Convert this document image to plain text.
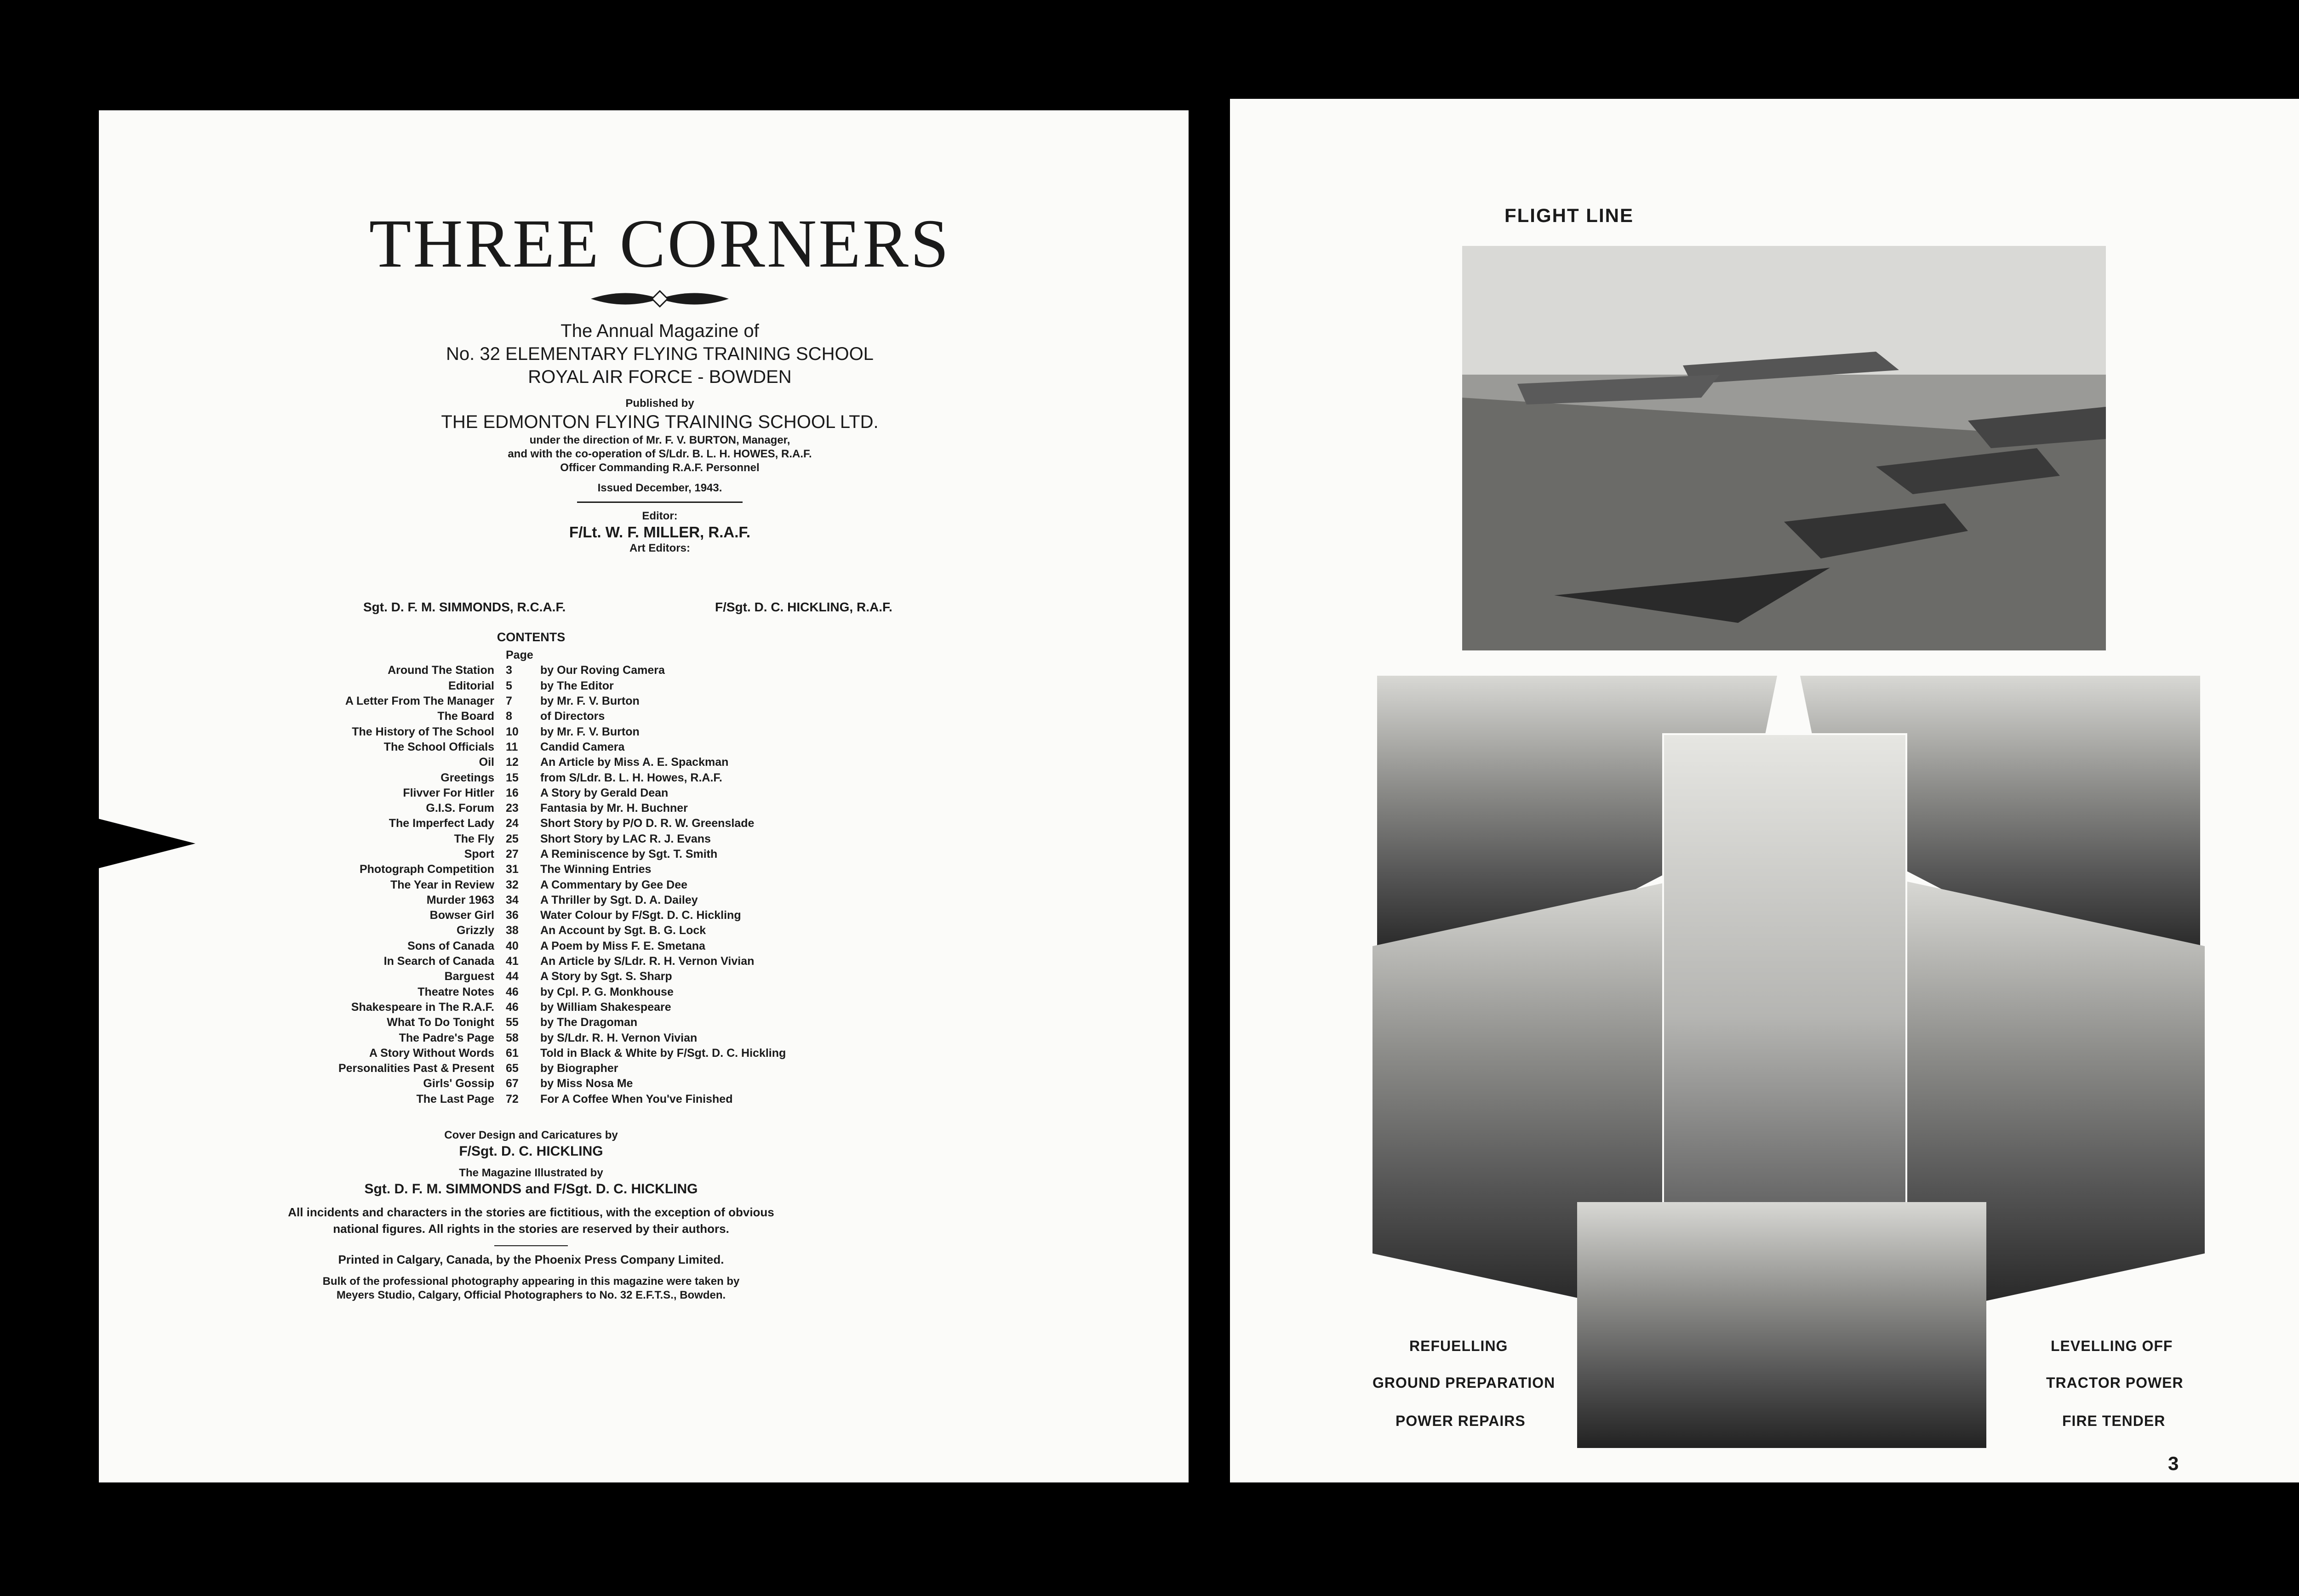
THREE CORNERS
The Annual Magazine of
No. 32 ELEMENTARY FLYING TRAINING SCHOOL
ROYAL AIR FORCE - BOWDEN
Published by
THE EDMONTON FLYING TRAINING SCHOOL LTD.
under the direction of Mr. F. V. BURTON, Manager,
and with the co-operation of S/Ldr. B. L. H. HOWES, R.A.F.
Officer Commanding R.A.F. Personnel
Issued December, 1943.
Editor:
F/Lt. W. F. MILLER, R.A.F.
Art Editors:
Sgt. D. F. M. SIMMONDS, R.C.A.F.	F/Sgt. D. C. HICKLING, R.A.F.
CONTENTS
Page
Around The Station	3	by Our Roving Camera
Editorial	5	by The Editor
A Letter From The Manager	7	by Mr. F. V. Burton
The Board	8	of Directors
The History of The School	10	by Mr. F. V. Burton
The School Officials	11	Candid Camera
Oil	12	An Article by Miss A. E. Spackman
Greetings	15	from S/Ldr. B. L. H. Howes, R.A.F.
Flivver For Hitler	16	A Story by Gerald Dean
G.I.S. Forum	23	Fantasia by Mr. H. Buchner
The Imperfect Lady	24	Short Story by P/O D. R. W. Greenslade
The Fly	25	Short Story by LAC R. J. Evans
Sport	27	A Reminiscence by Sgt. T. Smith
Photograph Competition	31	The Winning Entries
The Year in Review	32	A Commentary by Gee Dee
Murder 1963	34	A Thriller by Sgt. D. A. Dailey
Bowser Girl	36	Water Colour by F/Sgt. D. C. Hickling
Grizzly	38	An Account by Sgt. B. G. Lock
Sons of Canada	40	A Poem by Miss F. E. Smetana
In Search of Canada	41	An Article by S/Ldr. R. H. Vernon Vivian
Barguest	44	A Story by Sgt. S. Sharp
Theatre Notes	46	by Cpl. P. G. Monkhouse
Shakespeare in The R.A.F.	46	by William Shakespeare
What To Do Tonight	55	by The Dragoman
The Padre's Page	58	by S/Ldr. R. H. Vernon Vivian
A Story Without Words	61	Told in Black & White by F/Sgt. D. C. Hickling
Personalities Past & Present	65	by Biographer
Girls' Gossip	67	by Miss Nosa Me
The Last Page	72	For A Coffee When You've Finished
Cover Design and Caricatures by
F/Sgt. D. C. HICKLING
The Magazine Illustrated by
Sgt. D. F. M. SIMMONDS and F/Sgt. D. C. HICKLING
All incidents and characters in the stories are fictitious, with the exception of obvious
national figures. All rights in the stories are reserved by their authors.
Printed in Calgary, Canada, by the Phoenix Press Company Limited.
Bulk of the professional photography appearing in this magazine were taken by
Meyers Studio, Calgary, Official Photographers to No. 32 E.F.T.S., Bowden.
FLIGHT LINE
REFUELLING
GROUND PREPARATION
POWER REPAIRS
LEVELLING OFF
TRACTOR POWER
FIRE TENDER
3
